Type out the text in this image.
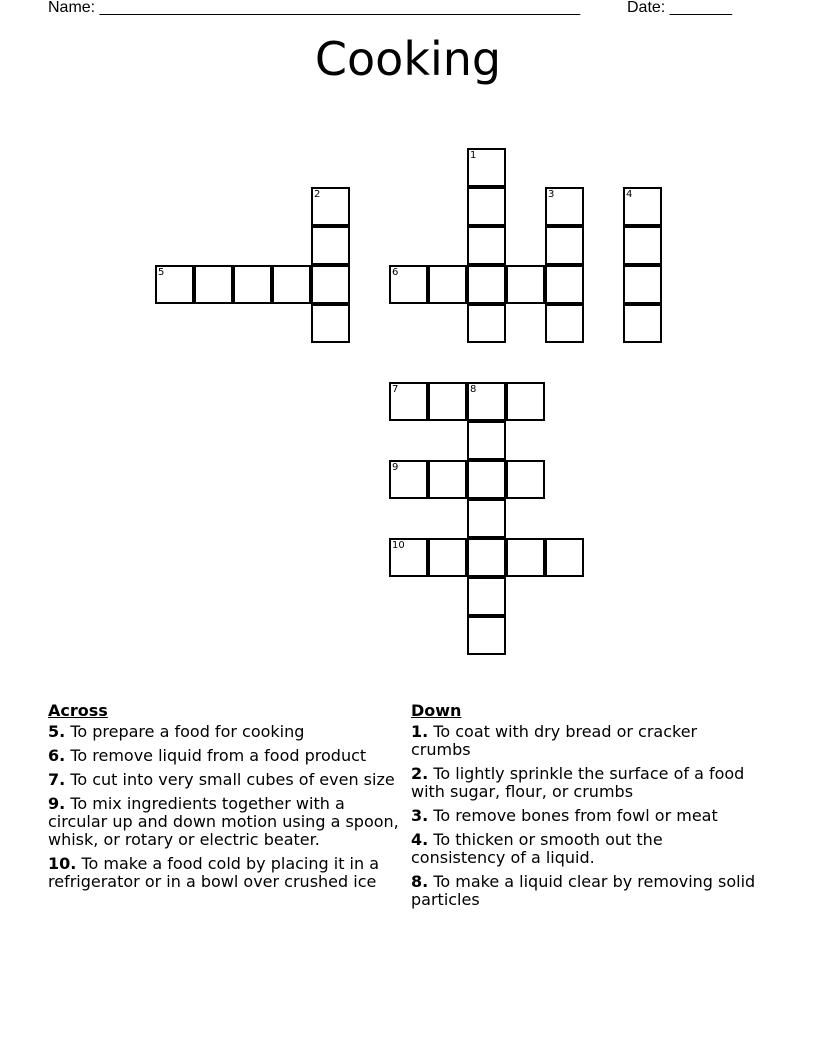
Name: ______________________________________________________	Date: _______
Cooking
1
2	3	4
5	6
7	8
9
10
Across
5. To prepare a food for cooking
6. To remove liquid from a food product
7. To cut into very small cubes of even size
9. To mix ingredients together with a circular up and down motion using a spoon, whisk, or rotary or electric beater.
10. To make a food cold by placing it in a refrigerator or in a bowl over crushed ice
Down
1. To coat with dry bread or cracker crumbs
2. To lightly sprinkle the surface of a food with sugar, flour, or crumbs
3. To remove bones from fowl or meat
4. To thicken or smooth out the consistency of a liquid.
8. To make a liquid clear by removing solid particles
